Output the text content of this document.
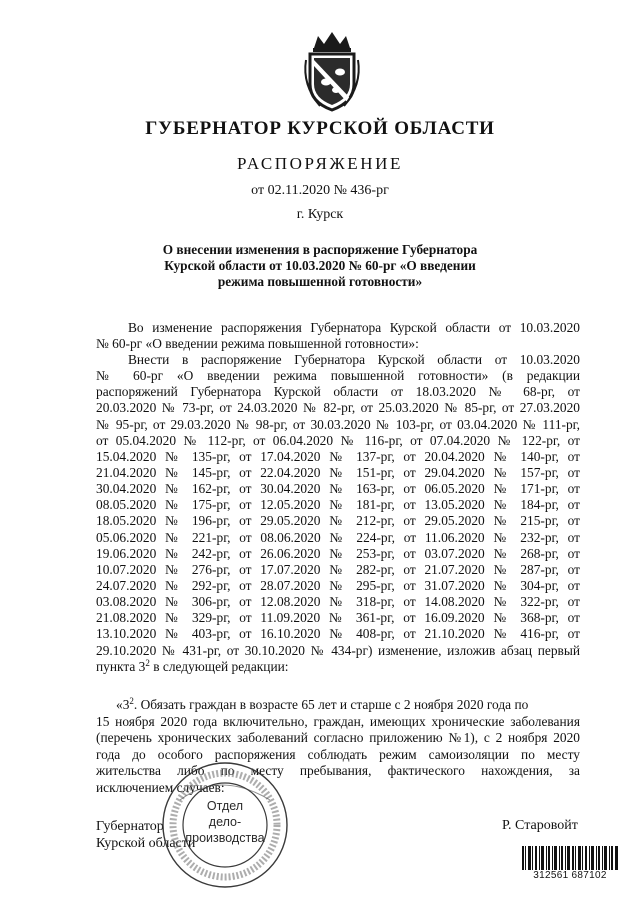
ГУБЕРНАТОР КУРСКОЙ ОБЛАСТИ
РАСПОРЯЖЕНИЕ
от 02.11.2020 № 436-рг
г. Курск
О внесении изменения в распоряжение Губернатора
Курской области от 10.03.2020 № 60-рг «О введении
режима повышенной готовности»
Во изменение распоряжения Губернатора Курской области от 10.03.2020
№ 60-рг «О введении режима повышенной готовности»:
Внести в распоряжение Губернатора Курской области от 10.03.2020
№ 60-рг «О введении режима повышенной готовности» (в редакции
распоряжений Губернатора Курской области от 18.03.2020 № 68-рг, от
20.03.2020 № 73-рг, от 24.03.2020 № 82-рг, от 25.03.2020 № 85-рг, от 27.03.2020
№ 95-рг, от 29.03.2020 № 98-рг, от 30.03.2020 № 103-рг, от 03.04.2020 № 111-рг,
от 05.04.2020 № 112-рг, от 06.04.2020 № 116-рг, от 07.04.2020 № 122-рг, от
15.04.2020 № 135-рг, от 17.04.2020 № 137-рг, от 20.04.2020 № 140-рг, от
21.04.2020 № 145-рг, от 22.04.2020 № 151-рг, от 29.04.2020 № 157-рг, от
30.04.2020 № 162-рг, от 30.04.2020 № 163-рг, от 06.05.2020 № 171-рг, от
08.05.2020 № 175-рг, от 12.05.2020 № 181-рг, от 13.05.2020 № 184-рг, от
18.05.2020 № 196-рг, от 29.05.2020 № 212-рг, от 29.05.2020 № 215-рг, от
05.06.2020 № 221-рг, от 08.06.2020 № 224-рг, от 11.06.2020 № 232-рг, от
19.06.2020 № 242-рг, от 26.06.2020 № 253-рг, от 03.07.2020 № 268-рг, от
10.07.2020 № 276-рг, от 17.07.2020 № 282-рг, от 21.07.2020 № 287-рг, от
24.07.2020 № 292-рг, от 28.07.2020 № 295-рг, от 31.07.2020 № 304-рг, от
03.08.2020 № 306-рг, от 12.08.2020 № 318-рг, от 14.08.2020 № 322-рг, от
21.08.2020 № 329-рг, от 11.09.2020 № 361-рг, от 16.09.2020 № 368-рг, от
13.10.2020 № 403-рг, от 16.10.2020 № 408-рг, от 21.10.2020 № 416-рг, от
29.10.2020 № 431-рг, от 30.10.2020 № 434-рг) изменение, изложив абзац первый
пункта $3^2$ в следующей редакции:
«$3^2$. Обязать граждан в возрасте 65 лет и старше с 2 ноября 2020 года по
15 ноября 2020 года включительно, граждан, имеющих хронические заболевания
(перечень хронических заболеваний согласно приложению №1), с 2 ноября 2020
года до особого распоряжения соблюдать режим самоизоляции по месту
жительства либо по месту пребывания, фактического нахождения, за
исключением случаев:
Губернатор
Курской области
Р. Старовойт
Отдел
дело-
производства
312561 687102
